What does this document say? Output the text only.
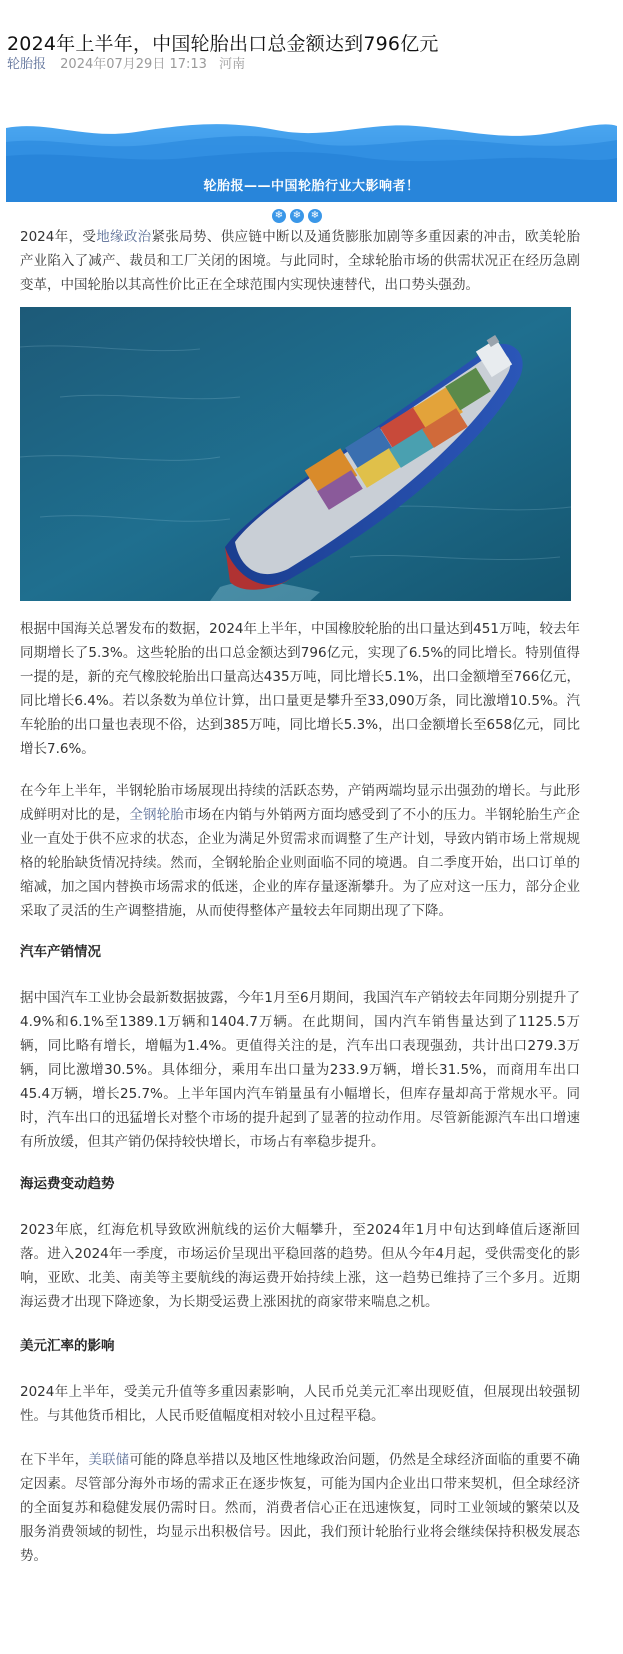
2024年上半年，中国轮胎出口总金额达到796亿元
轮胎报 2024年07月29日 17:13 河南
轮胎报——中国轮胎行业大影响者！
❄ ❄ ❄

2024年，受地缘政治紧张局势、供应链中断以及通货膨胀加剧等多重因素的冲击，欧美轮胎产业陷入了减产、裁员和工厂关闭的困境。与此同时，全球轮胎市场的供需状况正在经历急剧变革，中国轮胎以其高性价比正在全球范围内实现快速替代，出口势头强劲。

根据中国海关总署发布的数据，2024年上半年，中国橡胶轮胎的出口量达到451万吨，较去年同期增长了5.3%。这些轮胎的出口总金额达到796亿元，实现了6.5%的同比增长。特别值得一提的是，新的充气橡胶轮胎出口量高达435万吨，同比增长5.1%，出口金额增至766亿元，同比增长6.4%。若以条数为单位计算，出口量更是攀升至33,090万条，同比激增10.5%。汽车轮胎的出口量也表现不俗，达到385万吨，同比增长5.3%，出口金额增长至658亿元，同比增长7.6%。

在今年上半年，半钢轮胎市场展现出持续的活跃态势，产销两端均显示出强劲的增长。与此形成鲜明对比的是，全钢轮胎市场在内销与外销两方面均感受到了不小的压力。半钢轮胎生产企业一直处于供不应求的状态，企业为满足外贸需求而调整了生产计划，导致内销市场上常规规格的轮胎缺货情况持续。然而，全钢轮胎企业则面临不同的境遇。自二季度开始，出口订单的缩减，加之国内替换市场需求的低迷，企业的库存量逐渐攀升。为了应对这一压力，部分企业采取了灵活的生产调整措施，从而使得整体产量较去年同期出现了下降。

汽车产销情况

据中国汽车工业协会最新数据披露，今年1月至6月期间，我国汽车产销较去年同期分别提升了4.9%和6.1%至1389.1万辆和1404.7万辆。在此期间，国内汽车销售量达到了1125.5万辆，同比略有增长，增幅为1.4%。更值得关注的是，汽车出口表现强劲，共计出口279.3万辆，同比激增30.5%。具体细分，乘用车出口量为233.9万辆，增长31.5%，而商用车出口45.4万辆，增长25.7%。上半年国内汽车销量虽有小幅增长，但库存量却高于常规水平。同时，汽车出口的迅猛增长对整个市场的提升起到了显著的拉动作用。尽管新能源汽车出口增速有所放缓，但其产销仍保持较快增长，市场占有率稳步提升。

海运费变动趋势

2023年底，红海危机导致欧洲航线的运价大幅攀升，至2024年1月中旬达到峰值后逐渐回落。进入2024年一季度，市场运价呈现出平稳回落的趋势。但从今年4月起，受供需变化的影响，亚欧、北美、南美等主要航线的海运费开始持续上涨，这一趋势已维持了三个多月。近期海运费才出现下降迹象，为长期受运费上涨困扰的商家带来喘息之机。

美元汇率的影响

2024年上半年，受美元升值等多重因素影响，人民币兑美元汇率出现贬值，但展现出较强韧性。与其他货币相比，人民币贬值幅度相对较小且过程平稳。

在下半年，美联储可能的降息举措以及地区性地缘政治问题，仍然是全球经济面临的重要不确定因素。尽管部分海外市场的需求正在逐步恢复，可能为国内企业出口带来契机，但全球经济的全面复苏和稳健发展仍需时日。然而，消费者信心正在迅速恢复，同时工业领域的繁荣以及服务消费领域的韧性，均显示出积极信号。因此，我们预计轮胎行业将会继续保持积极发展态势。
